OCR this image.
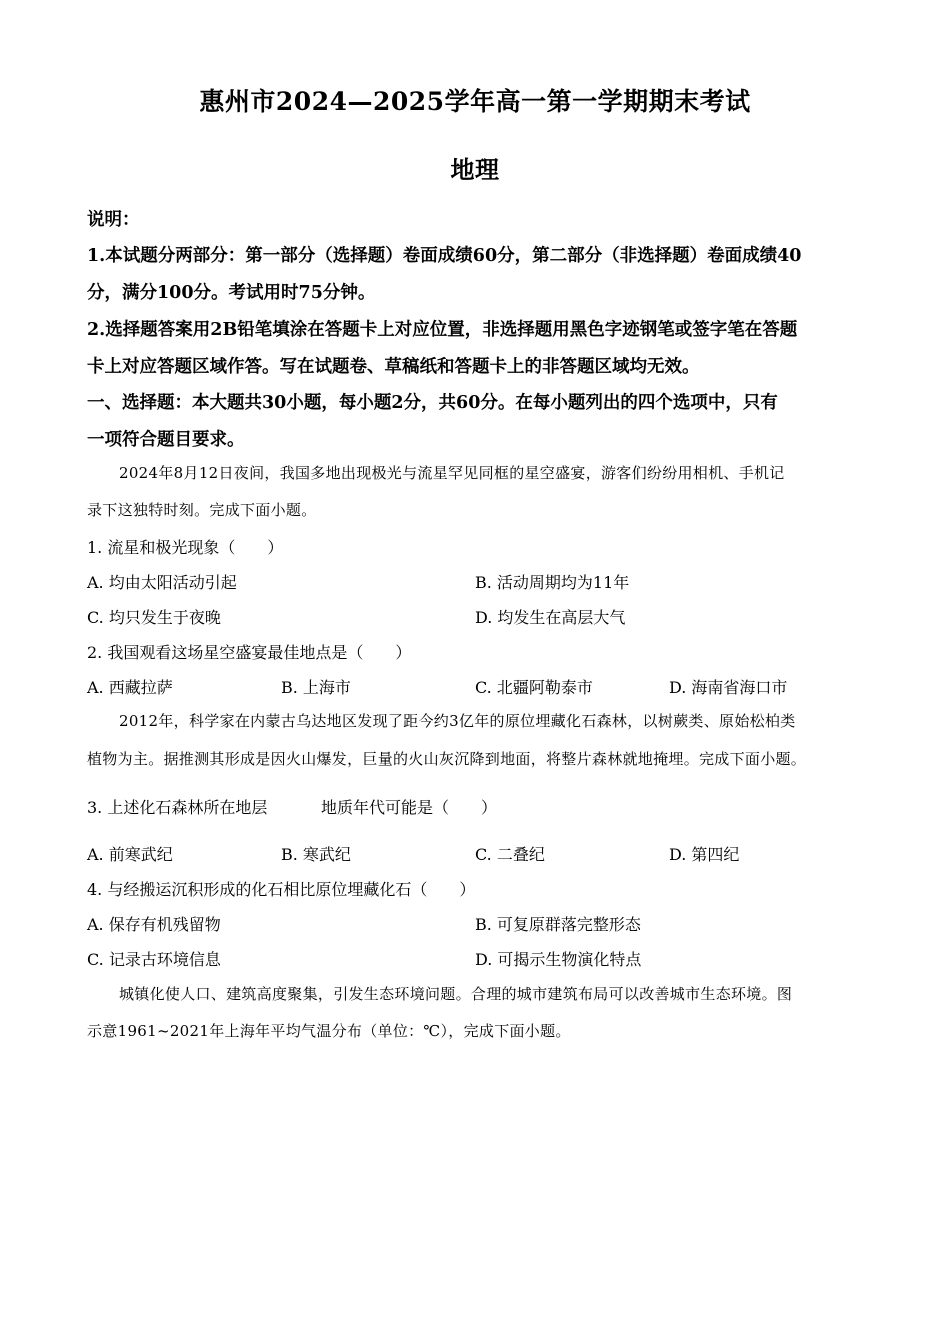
惠州市2024—2025学年高一第一学期期末考试
地理
说明：
1.本试题分两部分：第一部分（选择题）卷面成绩60分，第二部分（非选择题）卷面成绩40
分，满分100分。考试用时75分钟。
2.选择题答案用2B铅笔填涂在答题卡上对应位置，非选择题用黑色字迹钢笔或签字笔在答题
卡上对应答题区域作答。写在试题卷、草稿纸和答题卡上的非答题区域均无效。
一、选择题：本大题共30小题，每小题2分，共60分。在每小题列出的四个选项中，只有
一项符合题目要求。
2024年8月12日夜间，我国多地出现极光与流星罕见同框的星空盛宴，游客们纷纷用相机、手机记
录下这独特时刻。完成下面小题。
1. 流星和极光现象（　　）
A. 均由太阳活动引起	B. 活动周期均为11年
C. 均只发生于夜晚	D. 均发生在高层大气
2. 我国观看这场星空盛宴最佳地点是（　　）
A. 西藏拉萨	B. 上海市	C. 北疆阿勒泰市	D. 海南省海口市
2012年，科学家在内蒙古乌达地区发现了距今约3亿年的原位埋藏化石森林，以树蕨类、原始松柏类
植物为主。据推测其形成是因火山爆发，巨量的火山灰沉降到地面，将整片森林就地掩埋。完成下面小题。
3. 上述化石森林所在地层	地质年代可能是（　　）
A. 前寒武纪	B. 寒武纪	C. 二叠纪	D. 第四纪
4. 与经搬运沉积形成的化石相比原位埋藏化石（　　）
A. 保存有机残留物	B. 可复原群落完整形态
C. 记录古环境信息	D. 可揭示生物演化特点
城镇化使人口、建筑高度聚集，引发生态环境问题。合理的城市建筑布局可以改善城市生态环境。图
示意1961~2021年上海年平均气温分布（单位：℃），完成下面小题。
